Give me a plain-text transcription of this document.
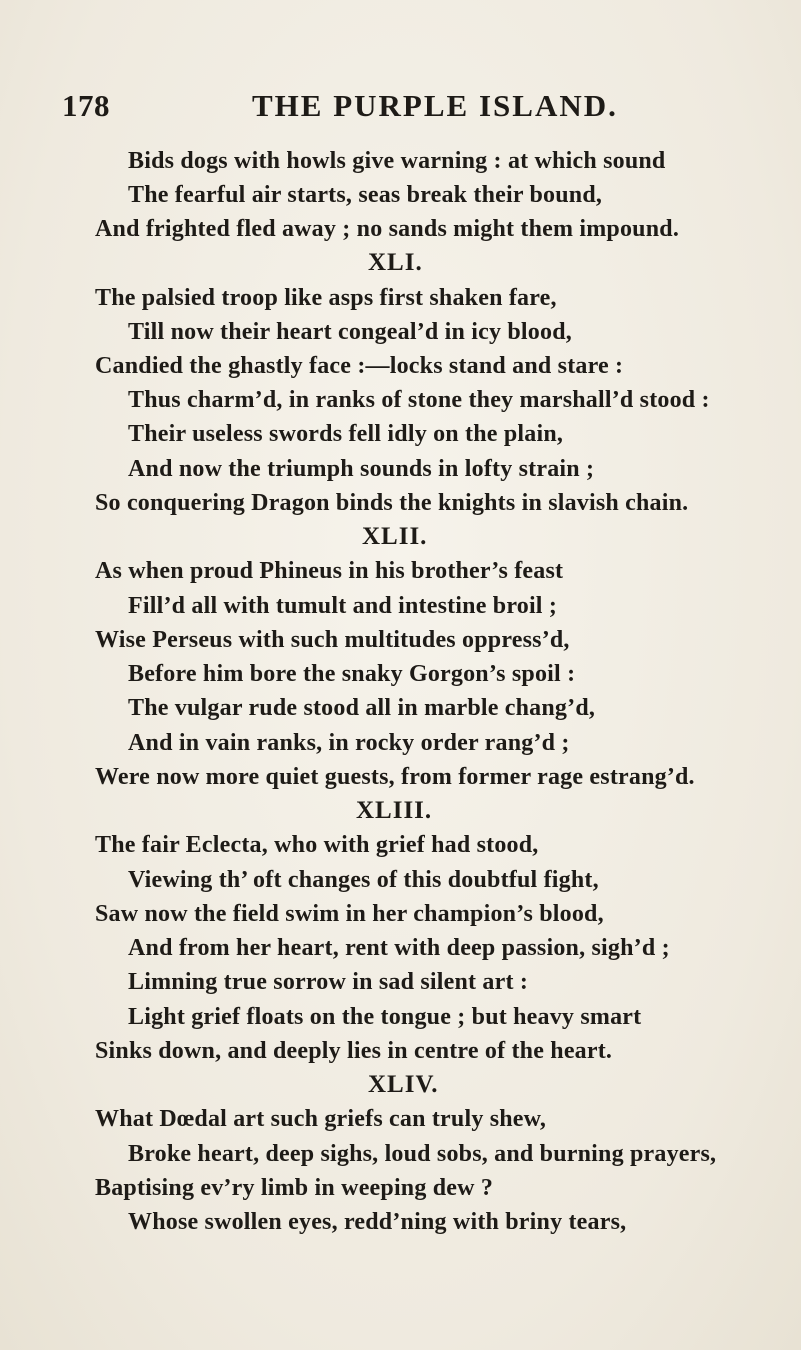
178	THE PURPLE ISLAND.
Bids dogs with howls give warning : at which sound
The fearful air starts, seas break their bound,
And frighted fled away ; no sands might them impound.
XLI.
The palsied troop like asps first shaken fare,
Till now their heart congeal’d in icy blood,
Candied the ghastly face :—locks stand and stare :
Thus charm’d, in ranks of stone they marshall’d stood :
Their useless swords fell idly on the plain,
And now the triumph sounds in lofty strain ;
So conquering Dragon binds the knights in slavish chain.
XLII.
As when proud Phineus in his brother’s feast
Fill’d all with tumult and intestine broil ;
Wise Perseus with such multitudes oppress’d,
Before him bore the snaky Gorgon’s spoil :
The vulgar rude stood all in marble chang’d,
And in vain ranks, in rocky order rang’d ;
Were now more quiet guests, from former rage estrang’d.
XLIII.
The fair Eclecta, who with grief had stood,
Viewing th’ oft changes of this doubtful fight,
Saw now the field swim in her champion’s blood,
And from her heart, rent with deep passion, sigh’d ;
Limning true sorrow in sad silent art :
Light grief floats on the tongue ; but heavy smart
Sinks down, and deeply lies in centre of the heart.
XLIV.
What Dœdal art such griefs can truly shew,
Broke heart, deep sighs, loud sobs, and burning prayers,
Baptising ev’ry limb in weeping dew ?
Whose swollen eyes, redd’ning with briny tears,
